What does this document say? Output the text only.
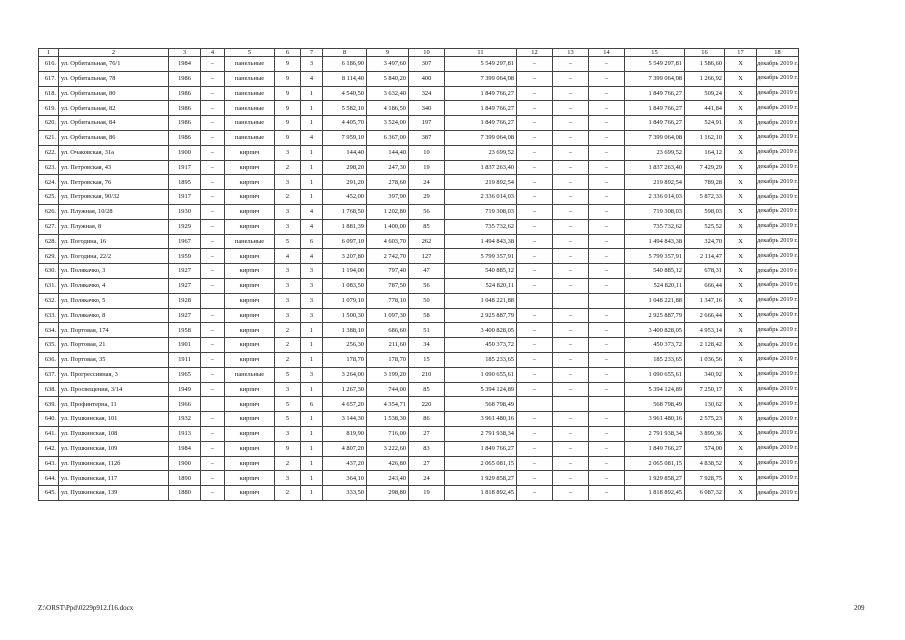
1	2	3	4	5	6	7	8	9	10	11	12	13	14	15	16	17	18
616.	ул. Орбитальная, 76/1	1984	–	панельные	9	3	6 186,90	3 497,60	307	5 549 297,81	–	–	–	5 549 297,81	1 586,60	X	декабрь 2019 г.
617.	ул. Орбитальная, 78	1986	–	панельные	9	4	8 114,40	5 840,20	400	7 399 064,08	–	–	–	7 399 064,08	1 266,92	X	декабрь 2019 г.
618.	ул. Орбитальная, 80	1986	–	панельные	9	1	4 540,50	3 632,40	324	1 849 766,27	–	–	–	1 849 766,27	509,24	X	декабрь 2019 г.
619.	ул. Орбитальная, 82	1986	–	панельные	9	1	5 582,10	4 186,50	340	1 849 766,27	–	–	–	1 849 766,27	441,84	X	декабрь 2019 г.
620.	ул. Орбитальная, 84	1986	–	панельные	9	1	4 405,70	3 524,00	197	1 849 766,27	–	–	–	1 849 766,27	524,91	X	декабрь 2019 г.
621.	ул. Орбитальная, 86	1986	–	панельные	9	4	7 959,10	6 367,00	387	7 399 064,08	–	–	–	7 399 064,08	1 162,10	X	декабрь 2019 г.
622.	ул. Очаковская, 31а	1900	–	кирпич	3	1	144,40	144,40	10	23 699,52	–	–	–	23 699,52	164,12	X	декабрь 2019 г.
623.	ул. Петровская, 43	1917	–	кирпич	2	1	298,20	247,30	19	1 837 263,40	–	–	–	1 837 263,40	7 429,29	X	декабрь 2019 г.
624.	ул. Петровская, 76	1895	–	кирпич	3	1	291,20	278,60	24	219 892,54	–	–	–	219 892,54	789,28	X	декабрь 2019 г.
625.	ул. Петровская, 90/32	1917	–	кирпич	2	1	452,00	397,90	29	2 336 014,03	–	–	–	2 336 014,03	5 872,33	X	декабрь 2019 г.
626.	ул. Плужная, 10/28	1930	–	кирпич	3	4	1 768,50	1 202,80	56	719 308,03	–	–	–	719 308,03	598,03	X	декабрь 2019 г.
627.	ул. Плужная, 8	1929	–	кирпич	3	4	1 881,39	1 400,00	85	735 732,62	–	–	–	735 732,62	525,52	X	декабрь 2019 г.
628.	ул. Погодина, 16	1967	–	панельные	5	6	6 097,10	4 603,70	262	1 494 843,38	–	–	–	1 494 843,38	324,70	X	декабрь 2019 г.
629.	ул. Погодина, 22/2	1959	–	кирпич	4	4	3 207,80	2 742,70	127	5 799 357,91	–	–	–	5 799 357,91	2 114,47	X	декабрь 2019 г.
630.	ул. Полякачко, 3	1927	–	кирпич	3	3	1 194,00	797,40	47	540 885,12	–	–	–	540 885,12	678,31	X	декабрь 2019 г.
631.	ул. Полякачко, 4	1927	–	кирпич	3	3	1 083,50	787,50	56	524 820,11	–	–	–	524 820,11	666,44	X	декабрь 2019 г.
632.	ул. Полякачко, 5	1928		кирпич	3	3	1 079,10	778,10	50	1 048 221,88				1 048 221,88	1 347,16	X	декабрь 2019 г.
633.	ул. Полякачко, 8	1927	–	кирпич	3	3	1 500,30	1 097,30	58	2 925 887,79	–	–	–	2 925 887,79	2 666,44	X	декабрь 2019 г.
634.	ул. Портовая, 174	1958	–	кирпич	2	1	1 388,10	686,60	51	3 400 828,05	–	–	–	3 400 828,05	4 953,14	X	декабрь 2019 г.
635.	ул. Портовая, 21	1901	–	кирпич	2	1	256,30	211,60	34	450 373,72	–	–	–	450 373,72	2 128,42	X	декабрь 2019 г.
636.	ул. Портовая, 35	1911	–	кирпич	2	1	178,70	178,70	15	185 233,65	–	–	–	185 233,65	1 036,56	X	декабрь 2019 г.
637.	ул. Прогрессивная, 3	1965	–	панельные	5	3	3 264,00	3 199,20	210	1 090 655,61	–	–	–	1 090 655,61	340,92	X	декабрь 2019 г.
638.	ул. Просвещения, 3/14	1949	–	кирпич	3	1	1 267,30	744,00	85	5 394 124,89	–	–	–	5 394 124,89	7 250,17	X	декабрь 2019 г.
639.	ул. Профинтерна, 11	1966		кирпич	5	6	4 657,20	4 354,71	220	568 798,49				568 798,49	130,62	X	декабрь 2019 г.
640.	ул. Пушкинская, 101	1932	–	кирпич	5	1	3 144,30	1 538,30	86	3 961 480,16	–	–	–	3 961 480,16	2 575,23	X	декабрь 2019 г.
641.	ул. Пушкинская, 108	1913	–	кирпич	3	1	819,90	716,00	27	2 791 938,34	–	–	–	2 791 938,34	3 899,36	X	декабрь 2019 г.
642.	ул. Пушкинская, 109	1984	–	кирпич	9	1	4 807,20	3 222,60	83	1 849 766,27	–	–	–	1 849 766,27	574,00	X	декабрь 2019 г.
643.	ул. Пушкинская, 112б	1900	–	кирпич	2	1	437,20	426,80	27	2 065 081,15	–	–	–	2 065 081,15	4 838,52	X	декабрь 2019 г.
644.	ул. Пушкинская, 117	1890	–	кирпич	3	1	364,10	243,40	24	1 929 858,27	–	–	–	1 929 858,27	7 928,75	X	декабрь 2019 г.
645.	ул. Пушкинская, 139	1880	–	кирпич	2	1	333,50	298,80	19	1 818 892,45	–	–	–	1 818 892,45	6 087,32	X	декабрь 2019 г.
Z:\ORST\Ppd\0229p912.f16.docx	209
